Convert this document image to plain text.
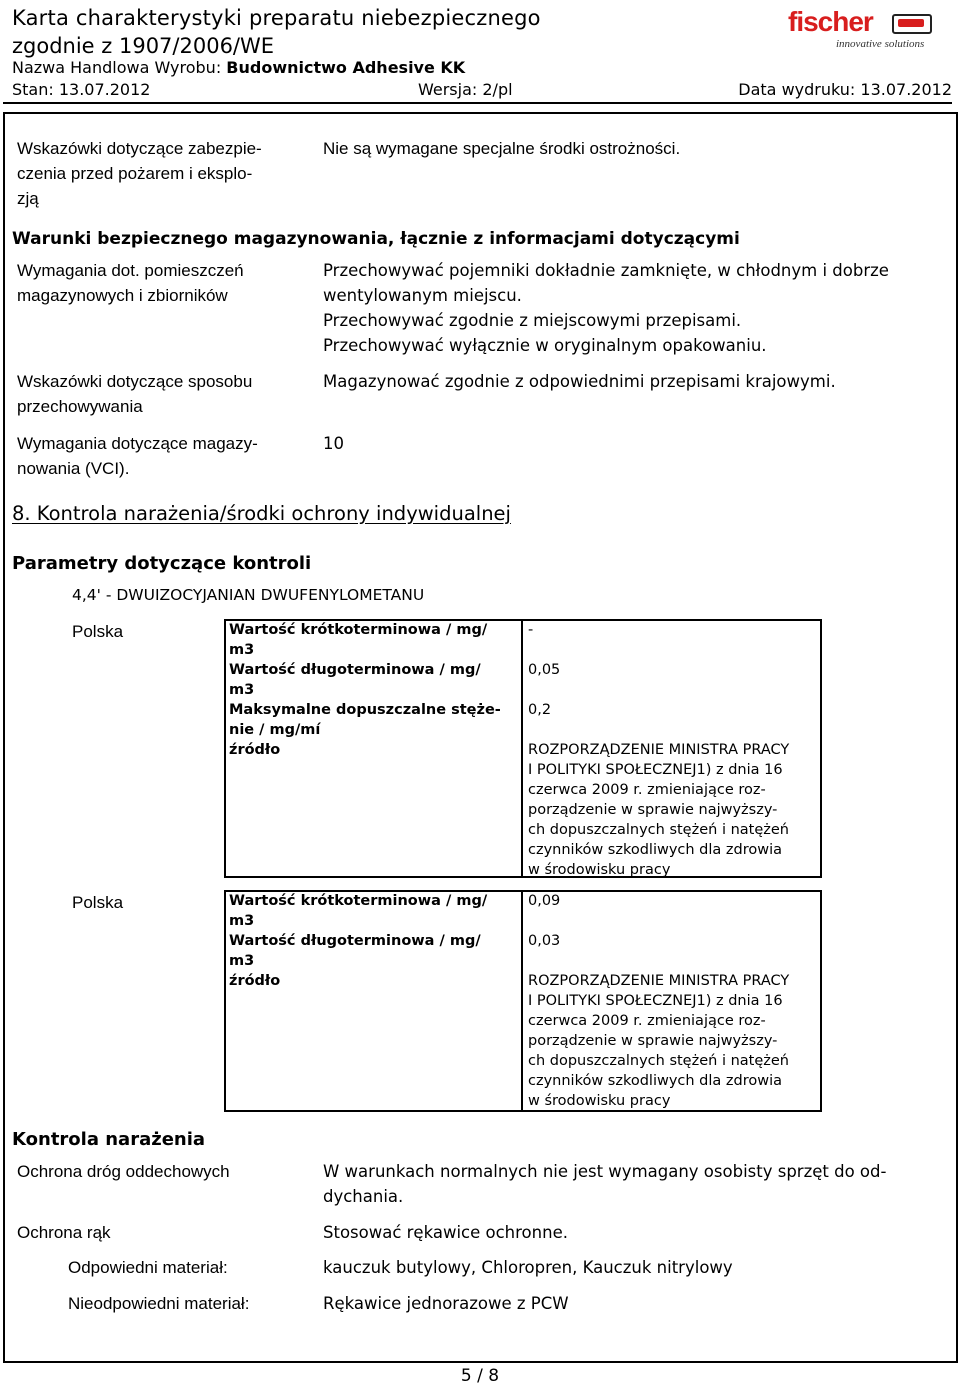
Karta charakterystyki preparatu niebezpiecznego
zgodnie z 1907/2006/WE
Nazwa Handlowa Wyrobu: Budownictwo Adhesive KK
Stan: 13.07.2012	Wersja: 2/pl	Data wydruku: 13.07.2012
fischer
innovative solutions
Wskazówki dotyczące zabezpie-
czenia przed pożarem i eksplo-
zją
Nie są wymagane specjalne środki ostrożności.
Warunki bezpiecznego magazynowania, łącznie z informacjami dotyczącymi
Wymagania dot. pomieszczeń
magazynowych i zbiorników
Przechowywać pojemniki dokładnie zamknięte, w chłodnym i dobrze
wentylowanym miejscu.
Przechowywać zgodnie z miejscowymi przepisami.
Przechowywać wyłącznie w oryginalnym opakowaniu.
Wskazówki dotyczące sposobu
przechowywania
Magazynować zgodnie z odpowiednimi przepisami krajowymi.
Wymagania dotyczące magazy-
nowania (VCI).
10
8. Kontrola narażenia/środki ochrony indywidualnej
Parametry dotyczące kontroli
4,4' - DWUIZOCYJANIAN DWUFENYLOMETANU
Polska	Wartość krótkoterminowa / mg/
m3
-
Wartość długoterminowa / mg/
m3
0,05
Maksymalne dopuszczalne stęże-
nie / mg/mí
0,2
źródło	ROZPORZĄDZENIE MINISTRA PRACY
I POLITYKI SPOŁECZNEJ1) z dnia 16
czerwca 2009 r. zmieniające roz-
porządzenie w sprawie najwyższy-
ch dopuszczalnych stężeń i natężeń
czynników szkodliwych dla zdrowia
w środowisku pracy
Polska	Wartość krótkoterminowa / mg/
m3
0,09
Wartość długoterminowa / mg/
m3
0,03
źródło	ROZPORZĄDZENIE MINISTRA PRACY
I POLITYKI SPOŁECZNEJ1) z dnia 16
czerwca 2009 r. zmieniające roz-
porządzenie w sprawie najwyższy-
ch dopuszczalnych stężeń i natężeń
czynników szkodliwych dla zdrowia
w środowisku pracy
Kontrola narażenia
Ochrona dróg oddechowych	W warunkach normalnych nie jest wymagany osobisty sprzęt do od-
dychania.
Ochrona rąk	Stosować rękawice ochronne.
Odpowiedni materiał:	kauczuk butylowy, Chloropren, Kauczuk nitrylowy
Nieodpowiedni materiał:	Rękawice jednorazowe z PCW
5 / 8
